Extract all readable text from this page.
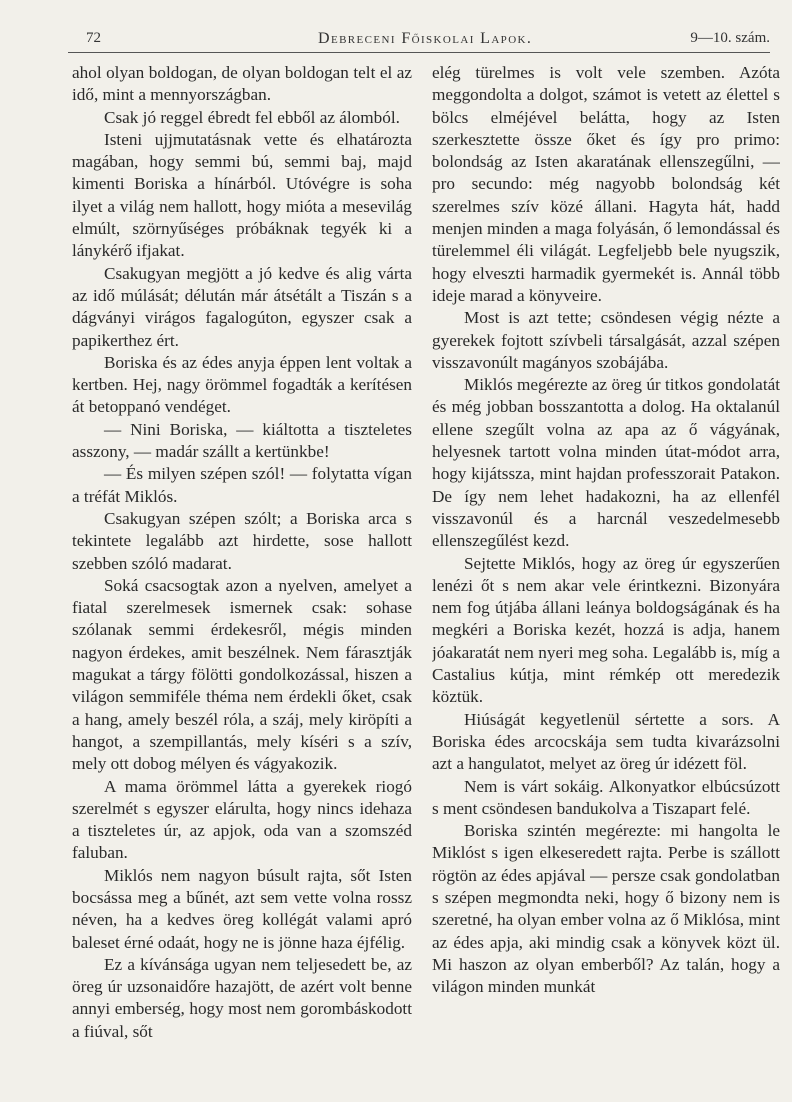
72	Debreceni Főiskolai Lapok.	9—10. szám.

ahol olyan boldogan, de olyan boldogan telt el az idő, mint a mennyországban.

Csak jó reggel ébredt fel ebből az álomból.

Isteni ujjmutatásnak vette és elhatározta magában, hogy semmi bú, semmi baj, majd kimenti Boriska a hínárból. Utóvégre is soha ilyet a világ nem hallott, hogy mióta a mesevilág elmúlt, szörnyűséges próbáknak tegyék ki a lánykérő ifjakat.

Csakugyan megjött a jó kedve és alig várta az idő múlását; délután már átsétált a Tiszán s a dágványi virágos fagalogúton, egyszer csak a papikerthez ért.

Boriska és az édes anyja éppen lent voltak a kertben. Hej, nagy örömmel fogadták a kerítésen át betoppanó vendéget.

— Nini Boriska, — kiáltotta a tiszteletes asszony, — madár szállt a kertünkbe!

— És milyen szépen szól! — folytatta vígan a tréfát Miklós.

Csakugyan szépen szólt; a Boriska arca s tekintete legalább azt hirdette, sose hallott szebben szóló madarat.

Soká csacsogtak azon a nyelven, amelyet a fiatal szerelmesek ismernek csak: sohase szólanak semmi érdekesről, mégis minden nagyon érdekes, amit beszélnek. Nem fárasztják magukat a tárgy fölötti gondolkozással, hiszen a világon semmiféle théma nem érdekli őket, csak a hang, amely beszél róla, a száj, mely kiröpíti a hangot, a szempillantás, mely kíséri s a szív, mely ott dobog mélyen és vágyakozik.

A mama örömmel látta a gyerekek riogó szerelmét s egyszer elárulta, hogy nincs idehaza a tiszteletes úr, az apjok, oda van a szomszéd faluban.

Miklós nem nagyon búsult rajta, sőt Isten bocsássa meg a bűnét, azt sem vette volna rossz néven, ha a kedves öreg kollégát valami apró baleset érné odaát, hogy ne is jönne haza éjfélig.

Ez a kívánsága ugyan nem teljesedett be, az öreg úr uzsonaidőre hazajött, de azért volt benne annyi emberség, hogy most nem gorombáskodott a fiúval, sőt

elég türelmes is volt vele szemben. Azóta meggondolta a dolgot, számot is vetett az élettel s bölcs elméjével belátta, hogy az Isten szerkesztette össze őket és így pro primo: bolondság az Isten akaratának ellenszegűlni, — pro secundo: még nagyobb bolondság két szerelmes szív közé állani. Hagyta hát, hadd menjen minden a maga folyásán, ő lemondással és türelemmel éli világát. Legfeljebb bele nyugszik, hogy elveszti harmadik gyermekét is. Annál több ideje marad a könyveire.

Most is azt tette; csöndesen végig nézte a gyerekek fojtott szívbeli társalgását, azzal szépen visszavonúlt magányos szobájába.

Miklós megérezte az öreg úr titkos gondolatát és még jobban bosszantotta a dolog. Ha oktalanúl ellene szegűlt volna az apa az ő vágyának, helyesnek tartott volna minden útat-módot arra, hogy kijátssza, mint hajdan professzorait Patakon. De így nem lehet hadakozni, ha az ellenfél visszavonúl és a harcnál veszedelmesebb ellenszegűlést kezd.

Sejtette Miklós, hogy az öreg úr egyszerűen lenézi őt s nem akar vele érintkezni. Bizonyára nem fog útjába állani leánya boldogságának és ha megkéri a Boriska kezét, hozzá is adja, hanem jóakaratát nem nyeri meg soha. Legalább is, míg a Castalius kútja, mint rémkép ott meredezik köztük.

Hiúságát kegyetlenül sértette a sors. A Boriska édes arcocskája sem tudta kivarázsolni azt a hangulatot, melyet az öreg úr idézett föl.

Nem is várt sokáig. Alkonyatkor elbúcsúzott s ment csöndesen bandukolva a Tiszapart felé.

Boriska szintén megérezte: mi hangolta le Miklóst s igen elkeseredett rajta. Perbe is szállott rögtön az édes apjával — persze csak gondolatban s szépen megmondta neki, hogy ő bizony nem is szeretné, ha olyan ember volna az ő Miklósa, mint az édes apja, aki mindig csak a könyvek közt ül. Mi haszon az olyan emberből? Az talán, hogy a világon minden munkát
